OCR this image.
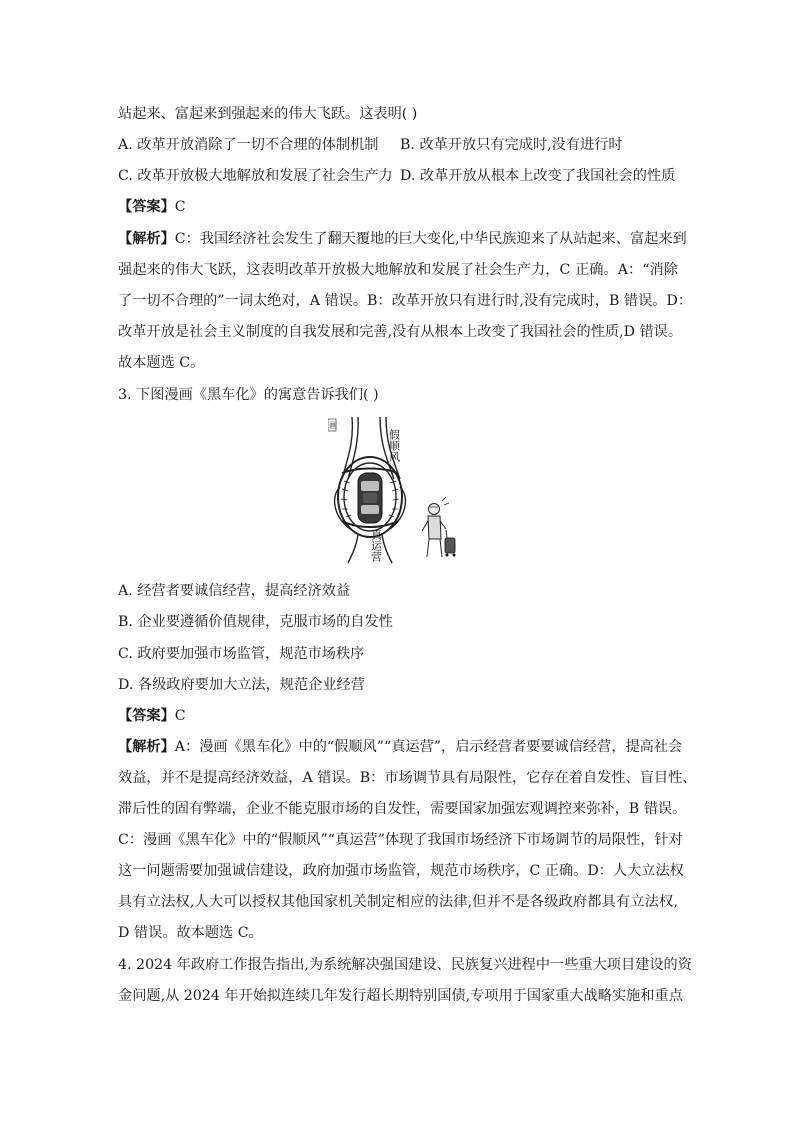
站起来、富起来到强起来的伟大飞跃。这表明( )
A. 改革开放消除了一切不合理的体制机制	B. 改革开放只有完成时,没有进行时
C. 改革开放极大地解放和发展了社会生产力 D. 改革开放从根本上改变了我国社会的性质
【答案】C
【解析】C：我国经济社会发生了翻天覆地的巨大变化,中华民族迎来了从站起来、富起来到
强起来的伟大飞跃，这表明改革开放极大地解放和发展了社会生产力，C 正确。A：“消除
了一切不合理的”一词太绝对，A 错误。B：改革开放只有进行时,没有完成时，B 错误。D：
改革开放是社会主义制度的自我发展和完善,没有从根本上改变了我国社会的性质,D 错误。
故本题选 C。
3. 下图漫画《黑车化》的寓意告诉我们( )
画
假顺风
真运营
A. 经营者要诚信经营，提高经济效益
B. 企业要遵循价值规律，克服市场的自发性
C. 政府要加强市场监管，规范市场秩序
D. 各级政府要加大立法，规范企业经营
【答案】C
【解析】A：漫画《黑车化》中的“假顺风”“真运营”，启示经营者要要诚信经营，提高社会
效益，并不是提高经济效益，A 错误。B：市场调节具有局限性，它存在着自发性、盲目性、
滞后性的固有弊端，企业不能克服市场的自发性，需要国家加强宏观调控来弥补，B 错误。
C：漫画《黑车化》中的“假顺风”“真运营”体现了我国市场经济下市场调节的局限性，针对
这一问题需要加强诚信建设，政府加强市场监管，规范市场秩序，C 正确。D：人大立法权
具有立法权,人大可以授权其他国家机关制定相应的法律,但并不是各级政府都具有立法权,
D 错误。故本题选 C。
4. 2024 年政府工作报告指出,为系统解决强国建设、民族复兴进程中一些重大项目建设的资
金问题,从 2024 年开始拟连续几年发行超长期特别国债,专项用于国家重大战略实施和重点
